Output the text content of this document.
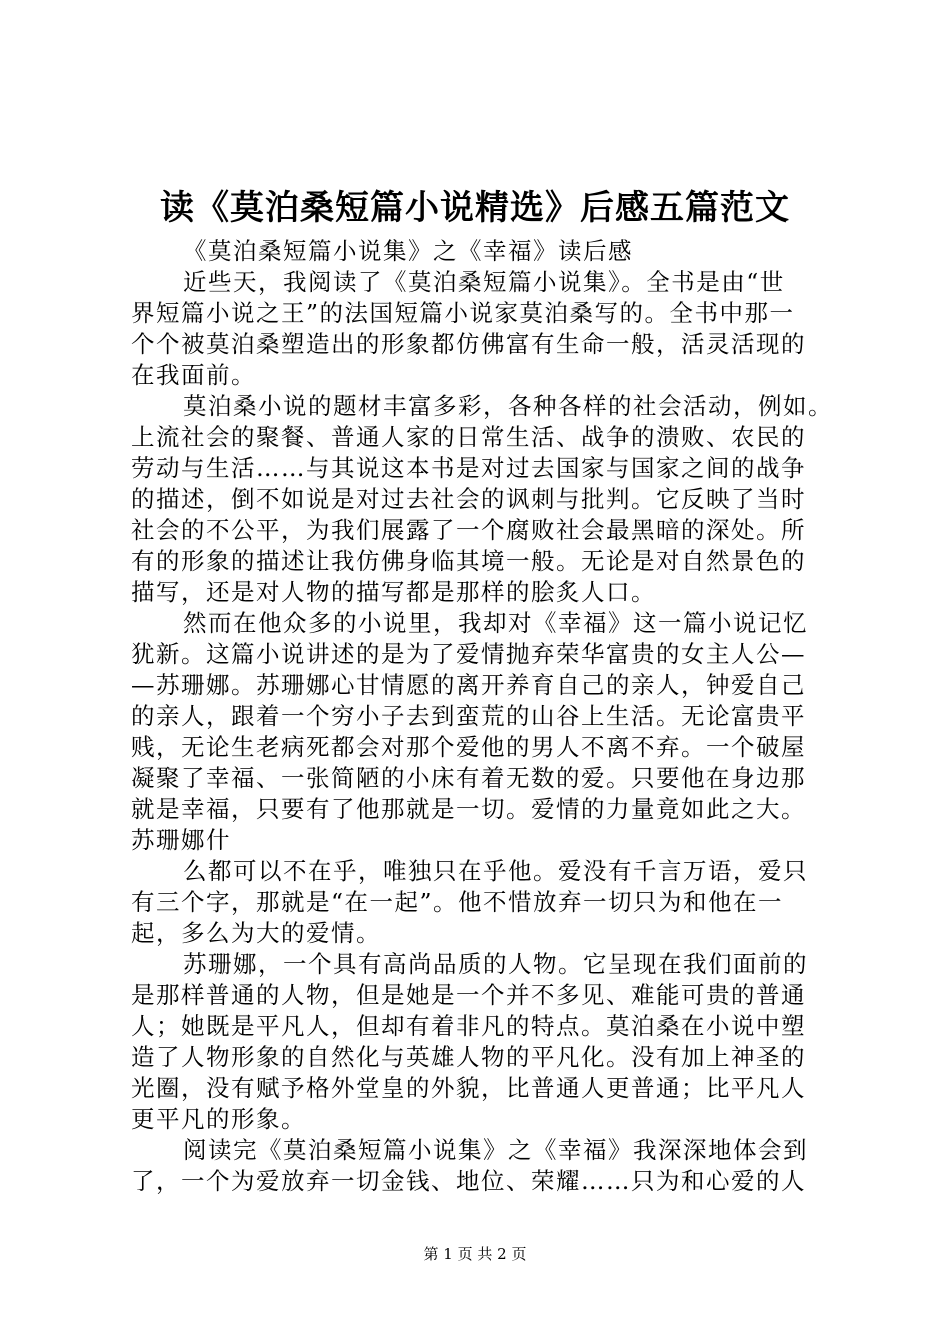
读《莫泊桑短篇小说精选》后感五篇范文
《莫泊桑短篇小说集》之《幸福》读后感
近些天，我阅读了《莫泊桑短篇小说集》。全书是由“世
界短篇小说之王”的法国短篇小说家莫泊桑写的。全书中那一
个个被莫泊桑塑造出的形象都仿佛富有生命一般，活灵活现的
在我面前。
莫泊桑小说的题材丰富多彩，各种各样的社会活动，例如。
上流社会的聚餐、普通人家的日常生活、战争的溃败、农民的
劳动与生活……与其说这本书是对过去国家与国家之间的战争
的描述，倒不如说是对过去社会的讽刺与批判。它反映了当时
社会的不公平，为我们展露了一个腐败社会最黑暗的深处。所
有的形象的描述让我仿佛身临其境一般。无论是对自然景色的
描写，还是对人物的描写都是那样的脍炙人口。
然而在他众多的小说里，我却对《幸福》这一篇小说记忆
犹新。这篇小说讲述的是为了爱情抛弃荣华富贵的女主人公—
—苏珊娜。苏珊娜心甘情愿的离开养育自己的亲人，钟爱自己
的亲人，跟着一个穷小子去到蛮荒的山谷上生活。无论富贵平
贱，无论生老病死都会对那个爱他的男人不离不弃。一个破屋
凝聚了幸福、一张简陋的小床有着无数的爱。只要他在身边那
就是幸福，只要有了他那就是一切。爱情的力量竟如此之大。
苏珊娜什
么都可以不在乎，唯独只在乎他。爱没有千言万语，爱只
有三个字，那就是“在一起”。他不惜放弃一切只为和他在一
起，多么为大的爱情。
苏珊娜，一个具有高尚品质的人物。它呈现在我们面前的
是那样普通的人物，但是她是一个并不多见、难能可贵的普通
人；她既是平凡人，但却有着非凡的特点。莫泊桑在小说中塑
造了人物形象的自然化与英雄人物的平凡化。没有加上神圣的
光圈，没有赋予格外堂皇的外貌，比普通人更普通；比平凡人
更平凡的形象。
阅读完《莫泊桑短篇小说集》之《幸福》我深深地体会到
了，一个为爱放弃一切金钱、地位、荣耀……只为和心爱的人
第 1 页 共 2 页
